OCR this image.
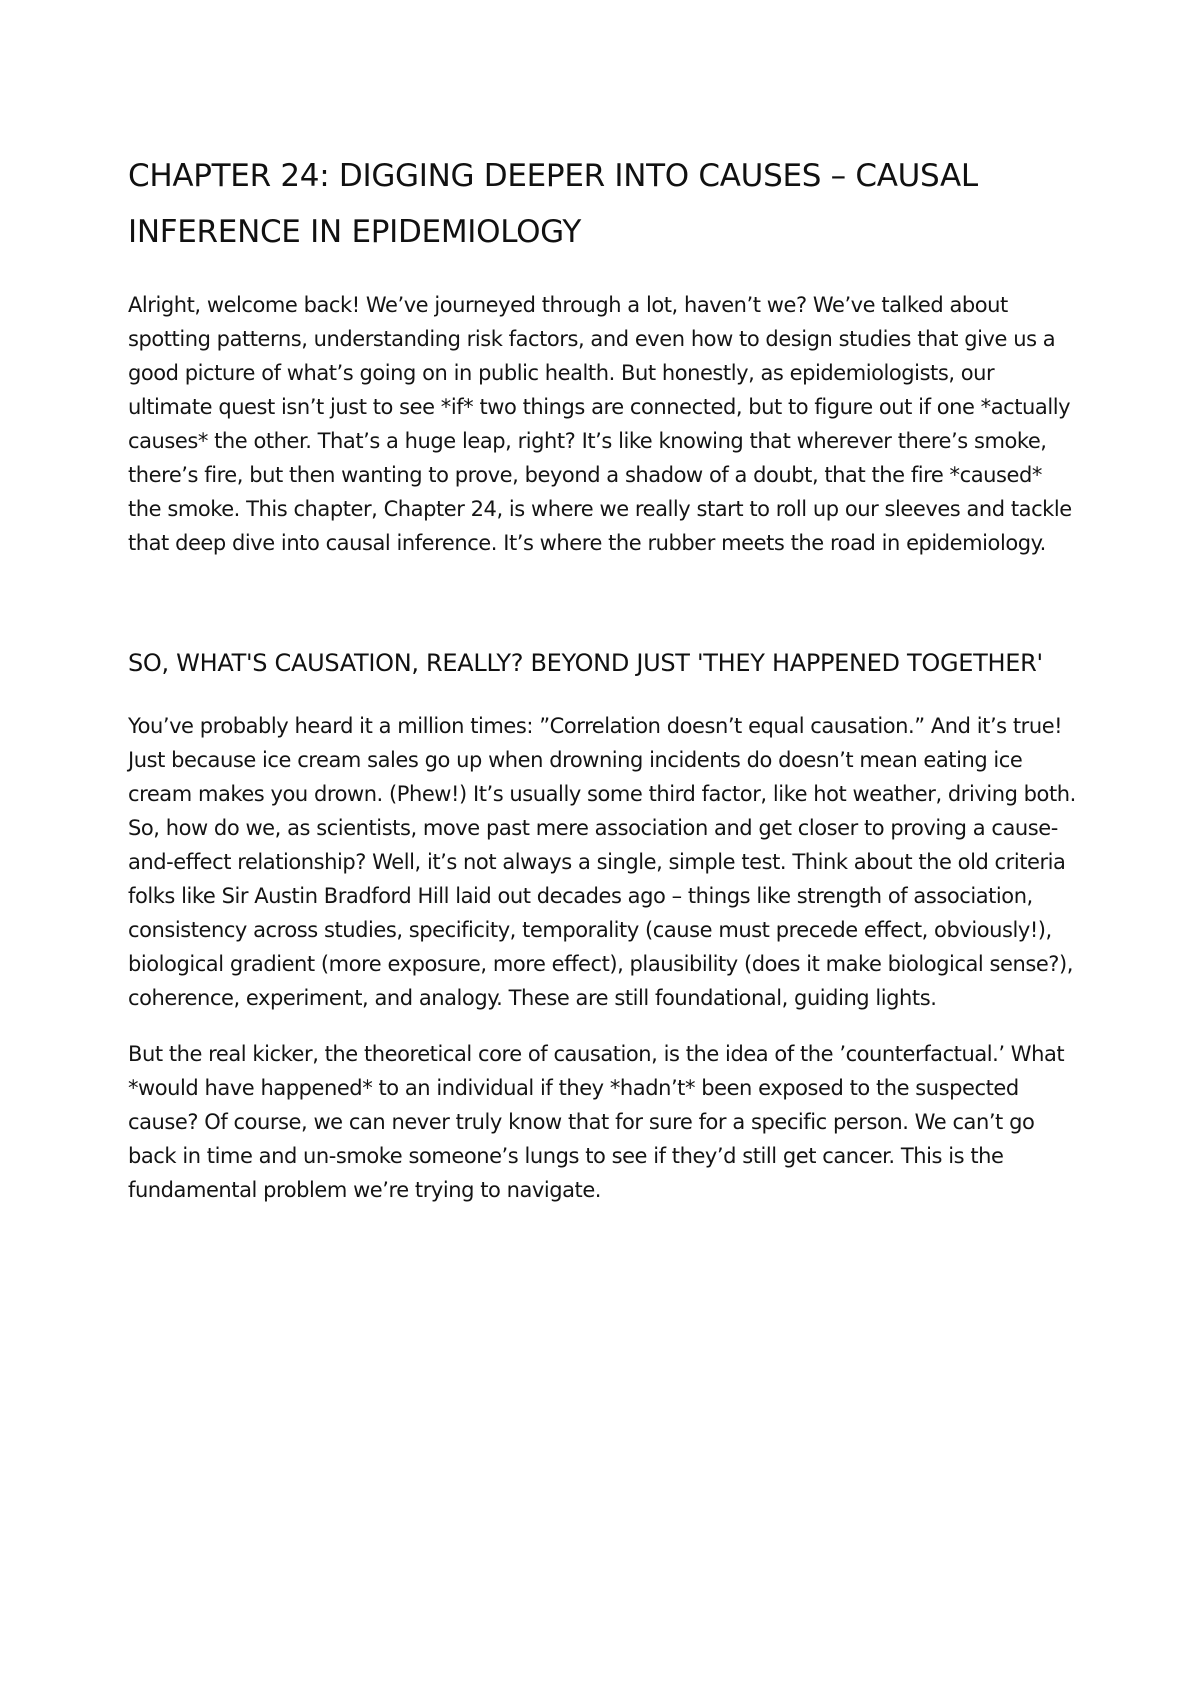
CHAPTER 24: DIGGING DEEPER INTO CAUSES – CAUSAL INFERENCE IN EPIDEMIOLOGY

Alright, welcome back! We’ve journeyed through a lot, haven’t we? We’ve talked about spotting patterns, understanding risk factors, and even how to design studies that give us a good picture of what’s going on in public health. But honestly, as epidemiologists, our ultimate quest isn’t just to see *if* two things are connected, but to figure out if one *actually causes* the other. That’s a huge leap, right? It’s like knowing that wherever there’s smoke, there’s fire, but then wanting to prove, beyond a shadow of a doubt, that the fire *caused* the smoke. This chapter, Chapter 24, is where we really start to roll up our sleeves and tackle that deep dive into causal inference. It’s where the rubber meets the road in epidemiology.

SO, WHAT'S CAUSATION, REALLY? BEYOND JUST 'THEY HAPPENED TOGETHER'

You’ve probably heard it a million times: ”Correlation doesn’t equal causation.” And it’s true! Just because ice cream sales go up when drowning incidents do doesn’t mean eating ice cream makes you drown. (Phew!) It’s usually some third factor, like hot weather, driving both. So, how do we, as scientists, move past mere association and get closer to proving a cause-and-effect relationship? Well, it’s not always a single, simple test. Think about the old criteria folks like Sir Austin Bradford Hill laid out decades ago – things like strength of association, consistency across studies, specificity, temporality (cause must precede effect, obviously!), biological gradient (more exposure, more effect), plausibility (does it make biological sense?), coherence, experiment, and analogy. These are still foundational, guiding lights.

But the real kicker, the theoretical core of causation, is the idea of the ’counterfactual.’ What *would have happened* to an individual if they *hadn’t* been exposed to the suspected cause? Of course, we can never truly know that for sure for a specific person. We can’t go back in time and un-smoke someone’s lungs to see if they’d still get cancer. This is the fundamental problem we’re trying to navigate.
